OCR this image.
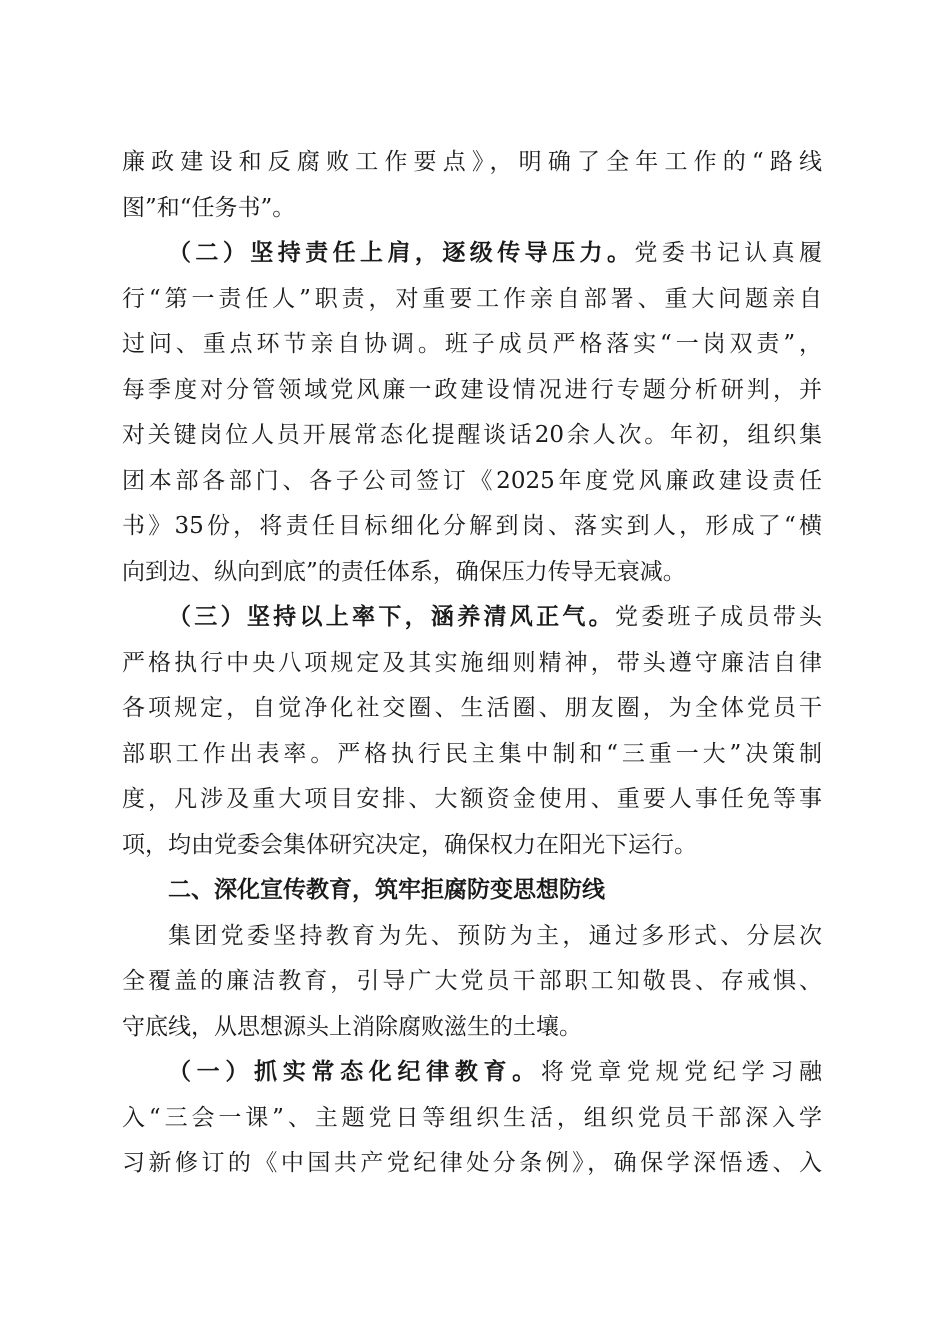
廉政建设和反腐败工作要点》，明确了全年工作的“路线
图”和“任务书”。
（二）坚持责任上肩，逐级传导压力。党委书记认真履
行“第一责任人”职责，对重要工作亲自部署、重大问题亲自
过问、重点环节亲自协调。班子成员严格落实“一岗双责”，
每季度对分管领域党风廉一政建设情况进行专题分析研判，并
对关键岗位人员开展常态化提醒谈话20余人次。年初，组织集
团本部各部门、各子公司签订《2025年度党风廉政建设责任
书》35份，将责任目标细化分解到岗、落实到人，形成了“横
向到边、纵向到底”的责任体系，确保压力传导无衰减。
（三）坚持以上率下，涵养清风正气。党委班子成员带头
严格执行中央八项规定及其实施细则精神，带头遵守廉洁自律
各项规定，自觉净化社交圈、生活圈、朋友圈，为全体党员干
部职工作出表率。严格执行民主集中制和“三重一大”决策制
度，凡涉及重大项目安排、大额资金使用、重要人事任免等事
项，均由党委会集体研究决定，确保权力在阳光下运行。
二、深化宣传教育，筑牢拒腐防变思想防线
集团党委坚持教育为先、预防为主，通过多形式、分层次
全覆盖的廉洁教育，引导广大党员干部职工知敬畏、存戒惧、
守底线，从思想源头上消除腐败滋生的土壤。
（一）抓实常态化纪律教育。将党章党规党纪学习融
入“三会一课”、主题党日等组织生活，组织党员干部深入学
习新修订的《中国共产党纪律处分条例》，确保学深悟透、入
